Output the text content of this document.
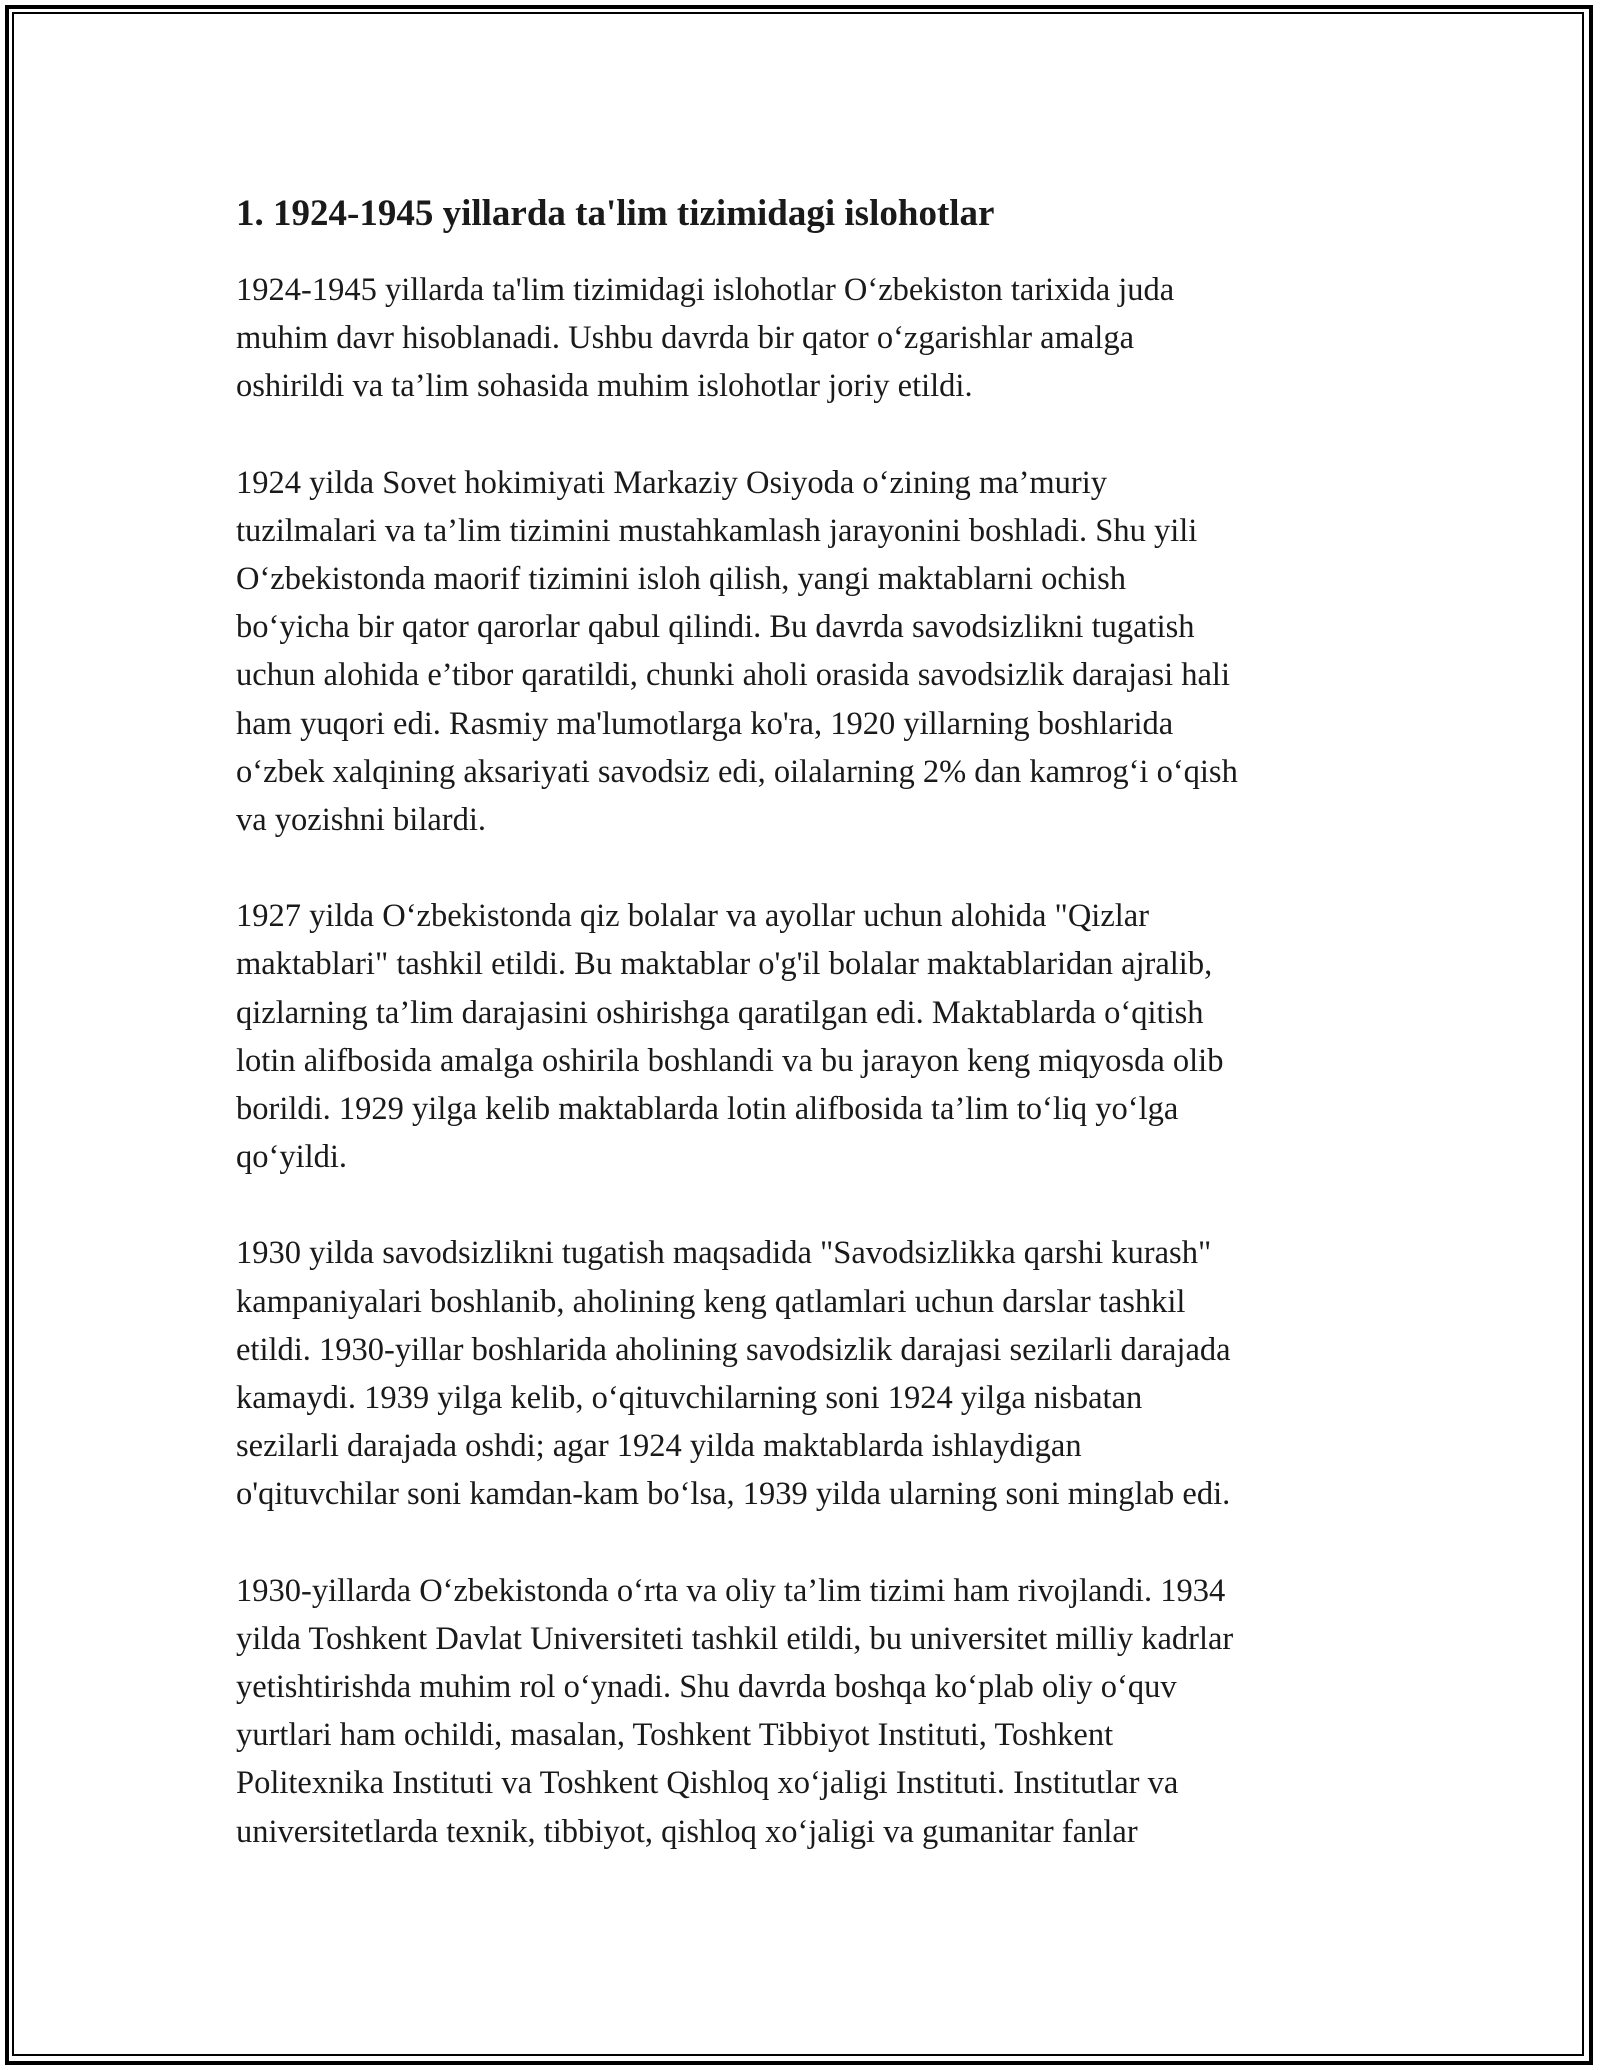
1. 1924-1945 yillarda ta'lim tizimidagi islohotlar

1924-1945 yillarda ta'lim tizimidagi islohotlar O‘zbekiston tarixida juda
muhim davr hisoblanadi. Ushbu davrda bir qator o‘zgarishlar amalga
oshirildi va ta’lim sohasida muhim islohotlar joriy etildi.

1924 yilda Sovet hokimiyati Markaziy Osiyoda o‘zining ma’muriy
tuzilmalari va ta’lim tizimini mustahkamlash jarayonini boshladi. Shu yili
O‘zbekistonda maorif tizimini isloh qilish, yangi maktablarni ochish
bo‘yicha bir qator qarorlar qabul qilindi. Bu davrda savodsizlikni tugatish
uchun alohida e’tibor qaratildi, chunki aholi orasida savodsizlik darajasi hali
ham yuqori edi. Rasmiy ma'lumotlarga ko'ra, 1920 yillarning boshlarida
o‘zbek xalqining aksariyati savodsiz edi, oilalarning 2% dan kamrog‘i o‘qish
va yozishni bilardi.

1927 yilda O‘zbekistonda qiz bolalar va ayollar uchun alohida "Qizlar
maktablari" tashkil etildi. Bu maktablar o'g'il bolalar maktablaridan ajralib,
qizlarning ta’lim darajasini oshirishga qaratilgan edi. Maktablarda o‘qitish
lotin alifbosida amalga oshirila boshlandi va bu jarayon keng miqyosda olib
borildi. 1929 yilga kelib maktablarda lotin alifbosida ta’lim to‘liq yo‘lga
qo‘yildi.

1930 yilda savodsizlikni tugatish maqsadida "Savodsizlikka qarshi kurash"
kampaniyalari boshlanib, aholining keng qatlamlari uchun darslar tashkil
etildi. 1930-yillar boshlarida aholining savodsizlik darajasi sezilarli darajada
kamaydi. 1939 yilga kelib, o‘qituvchilarning soni 1924 yilga nisbatan
sezilarli darajada oshdi; agar 1924 yilda maktablarda ishlaydigan
o'qituvchilar soni kamdan-kam bo‘lsa, 1939 yilda ularning soni minglab edi.

1930-yillarda O‘zbekistonda o‘rta va oliy ta’lim tizimi ham rivojlandi. 1934
yilda Toshkent Davlat Universiteti tashkil etildi, bu universitet milliy kadrlar
yetishtirishda muhim rol o‘ynadi. Shu davrda boshqa ko‘plab oliy o‘quv
yurtlari ham ochildi, masalan, Toshkent Tibbiyot Instituti, Toshkent
Politexnika Instituti va Toshkent Qishloq xo‘jaligi Instituti. Institutlar va
universitetlarda texnik, tibbiyot, qishloq xo‘jaligi va gumanitar fanlar
